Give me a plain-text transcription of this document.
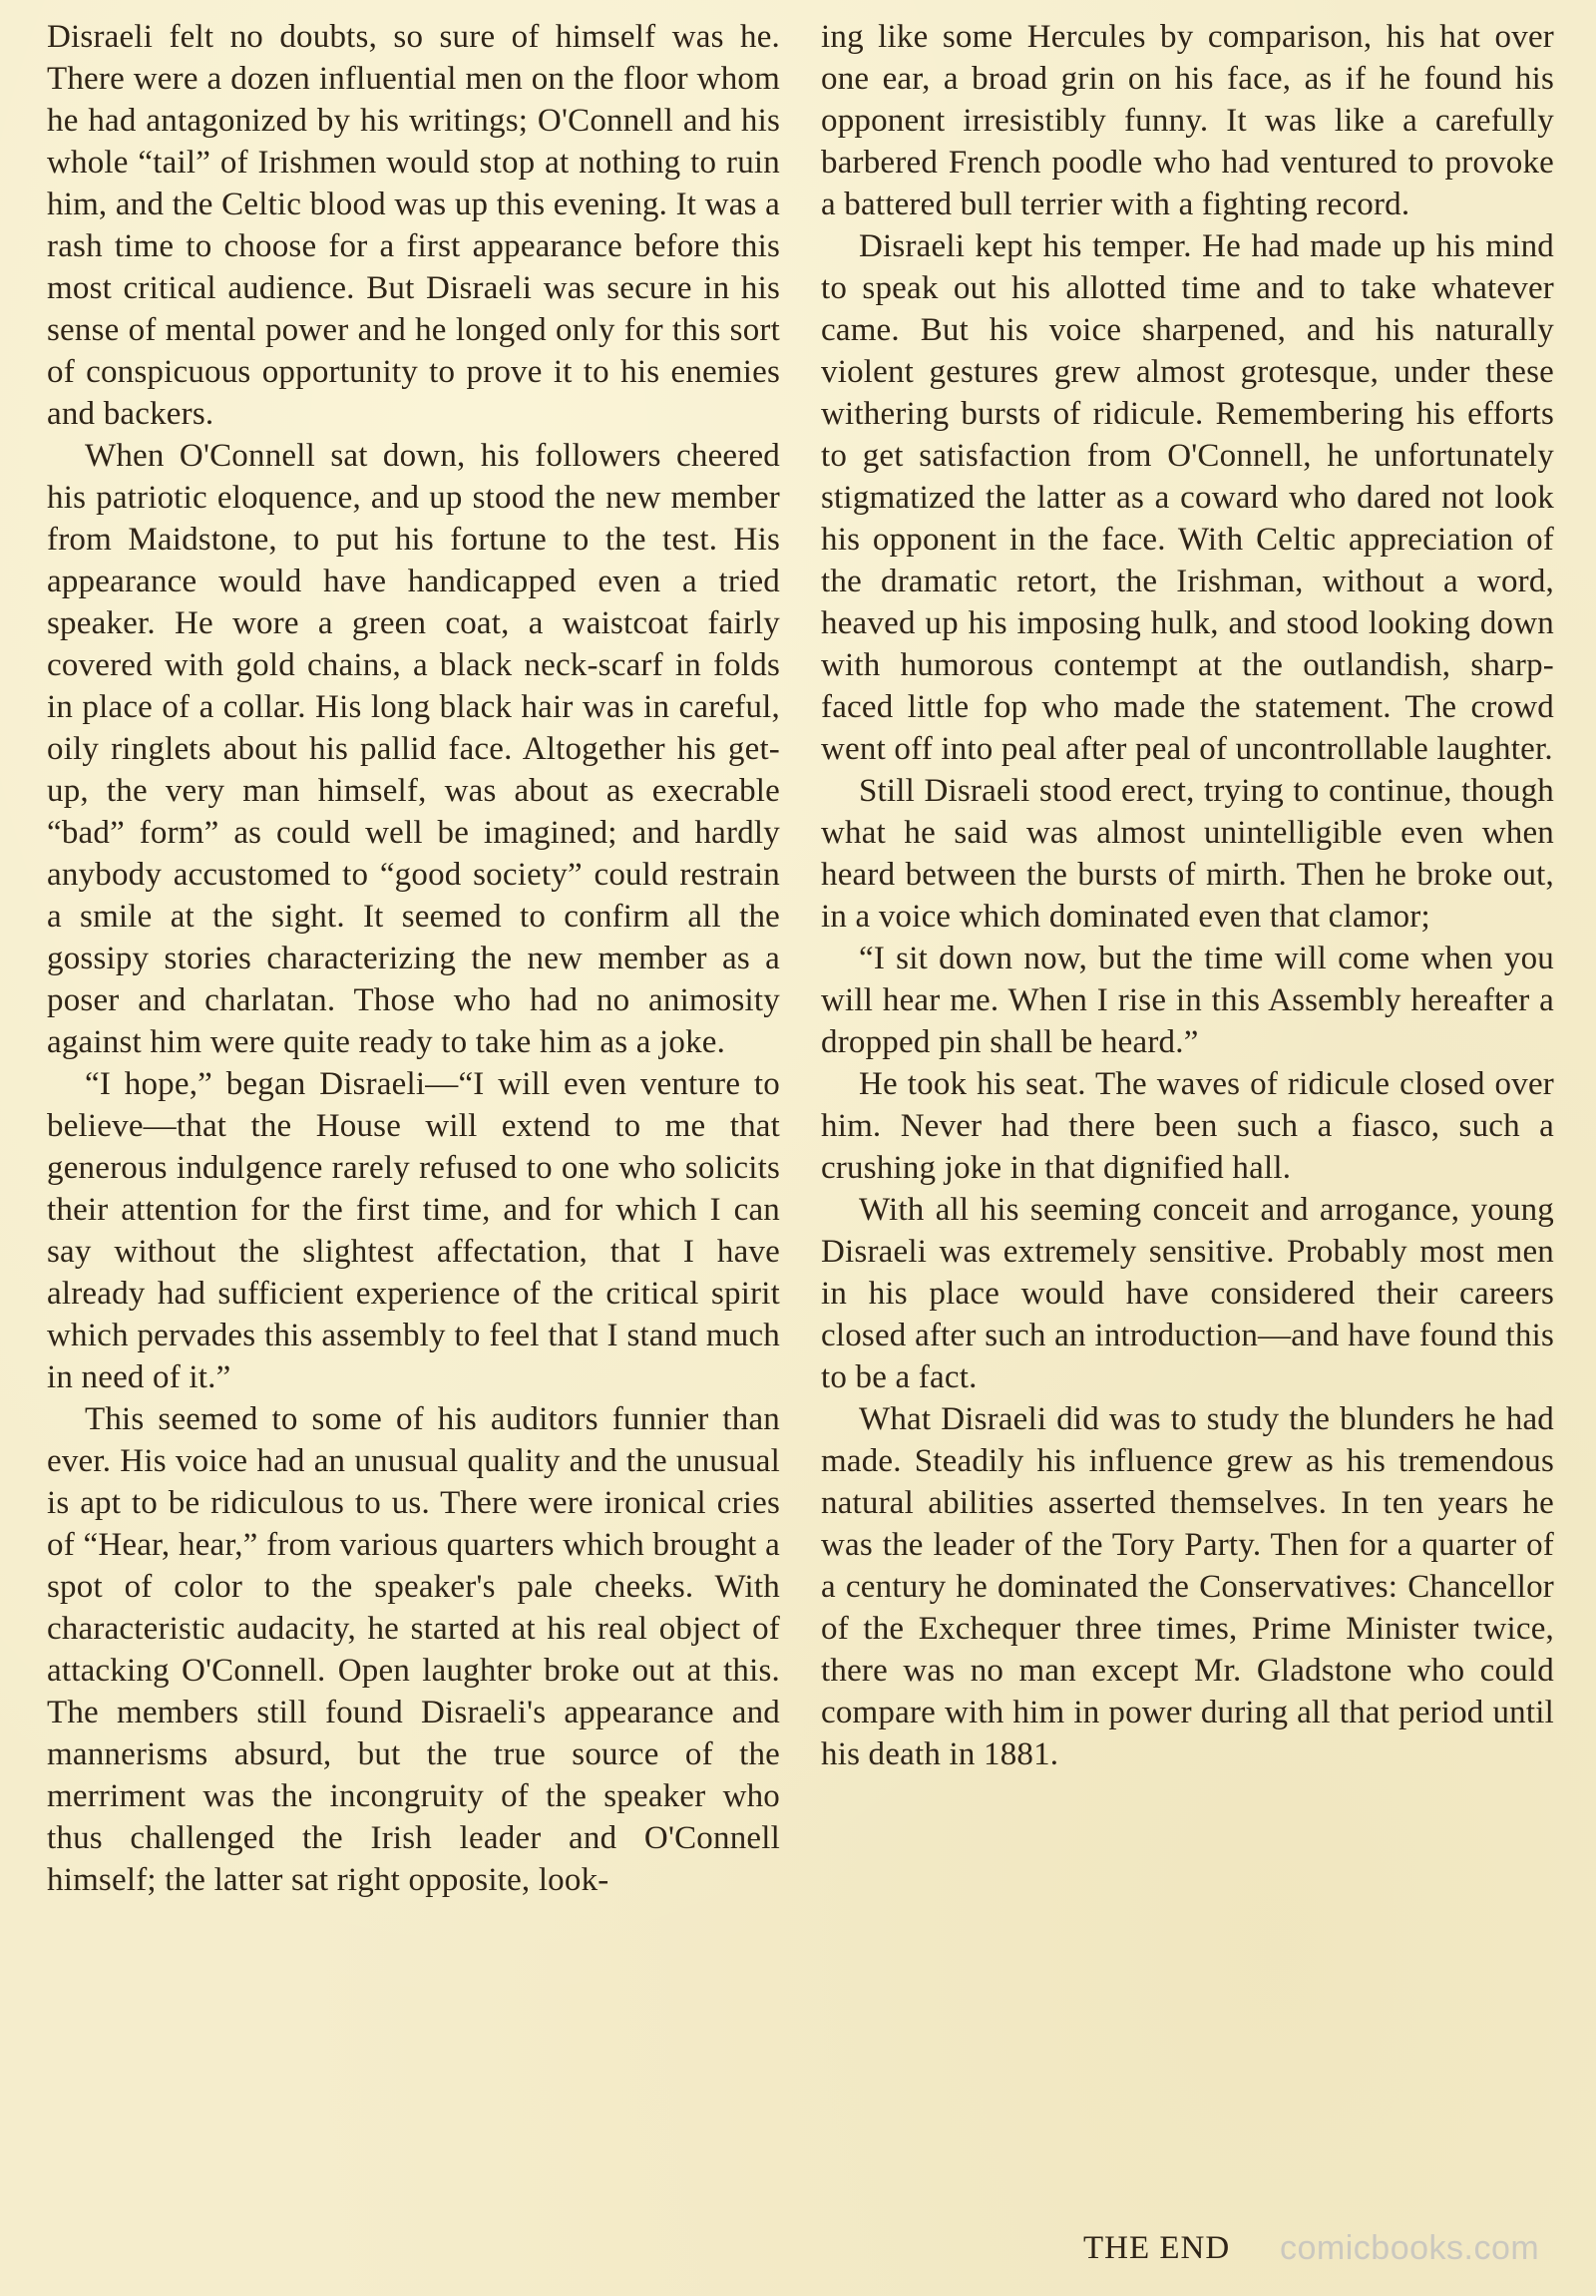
Disraeli felt no doubts, so sure of himself was he. There were a dozen influential men on the floor whom he had antagonized by his writings; O'Connell and his whole “tail” of Irishmen would stop at nothing to ruin him, and the Celtic blood was up this evening. It was a rash time to choose for a first appearance before this most critical audience. But Disraeli was secure in his sense of mental power and he longed only for this sort of conspicuous opportunity to prove it to his enemies and backers.

When O'Connell sat down, his followers cheered his patriotic eloquence, and up stood the new member from Maidstone, to put his fortune to the test. His appearance would have handicapped even a tried speaker. He wore a green coat, a waistcoat fairly covered with gold chains, a black neck-scarf in folds in place of a collar. His long black hair was in careful, oily ringlets about his pallid face. Altogether his get-up, the very man himself, was about as execrable “bad” form” as could well be imagined; and hardly anybody accustomed to “good society” could restrain a smile at the sight. It seemed to confirm all the gossipy stories characterizing the new member as a poser and charlatan. Those who had no animosity against him were quite ready to take him as a joke.

“I hope,” began Disraeli—“I will even venture to believe—that the House will extend to me that generous indulgence rarely refused to one who solicits their attention for the first time, and for which I can say without the slightest affectation, that I have already had sufficient experience of the critical spirit which pervades this assembly to feel that I stand much in need of it.”

This seemed to some of his auditors funnier than ever. His voice had an unusual quality and the unusual is apt to be ridiculous to us. There were ironical cries of “Hear, hear,” from various quarters which brought a spot of color to the speaker's pale cheeks. With characteristic audacity, he started at his real object of attacking O'Connell. Open laughter broke out at this. The members still found Disraeli's appearance and mannerisms absurd, but the true source of the merriment was the incongruity of the speaker who thus challenged the Irish leader and O'Connell himself; the latter sat right opposite, look-

ing like some Hercules by comparison, his hat over one ear, a broad grin on his face, as if he found his opponent irresistibly funny. It was like a carefully barbered French poodle who had ventured to provoke a battered bull terrier with a fighting record.

Disraeli kept his temper. He had made up his mind to speak out his allotted time and to take whatever came. But his voice sharpened, and his naturally violent gestures grew almost grotesque, under these withering bursts of ridicule. Remembering his efforts to get satisfaction from O'Connell, he unfortunately stigmatized the latter as a coward who dared not look his opponent in the face. With Celtic appreciation of the dramatic retort, the Irishman, without a word, heaved up his imposing hulk, and stood looking down with humorous contempt at the outlandish, sharp-faced little fop who made the statement. The crowd went off into peal after peal of uncontrollable laughter.

Still Disraeli stood erect, trying to continue, though what he said was almost unintelligible even when heard between the bursts of mirth. Then he broke out, in a voice which dominated even that clamor;

“I sit down now, but the time will come when you will hear me. When I rise in this Assembly hereafter a dropped pin shall be heard.”

He took his seat. The waves of ridicule closed over him. Never had there been such a fiasco, such a crushing joke in that dignified hall.

With all his seeming conceit and arrogance, young Disraeli was extremely sensitive. Probably most men in his place would have considered their careers closed after such an introduction—and have found this to be a fact.

What Disraeli did was to study the blunders he had made. Steadily his influence grew as his tremendous natural abilities asserted themselves. In ten years he was the leader of the Tory Party. Then for a quarter of a century he dominated the Conservatives: Chancellor of the Exchequer three times, Prime Minister twice, there was no man except Mr. Gladstone who could compare with him in power during all that period until his death in 1881.

THE END comicbooks.com
